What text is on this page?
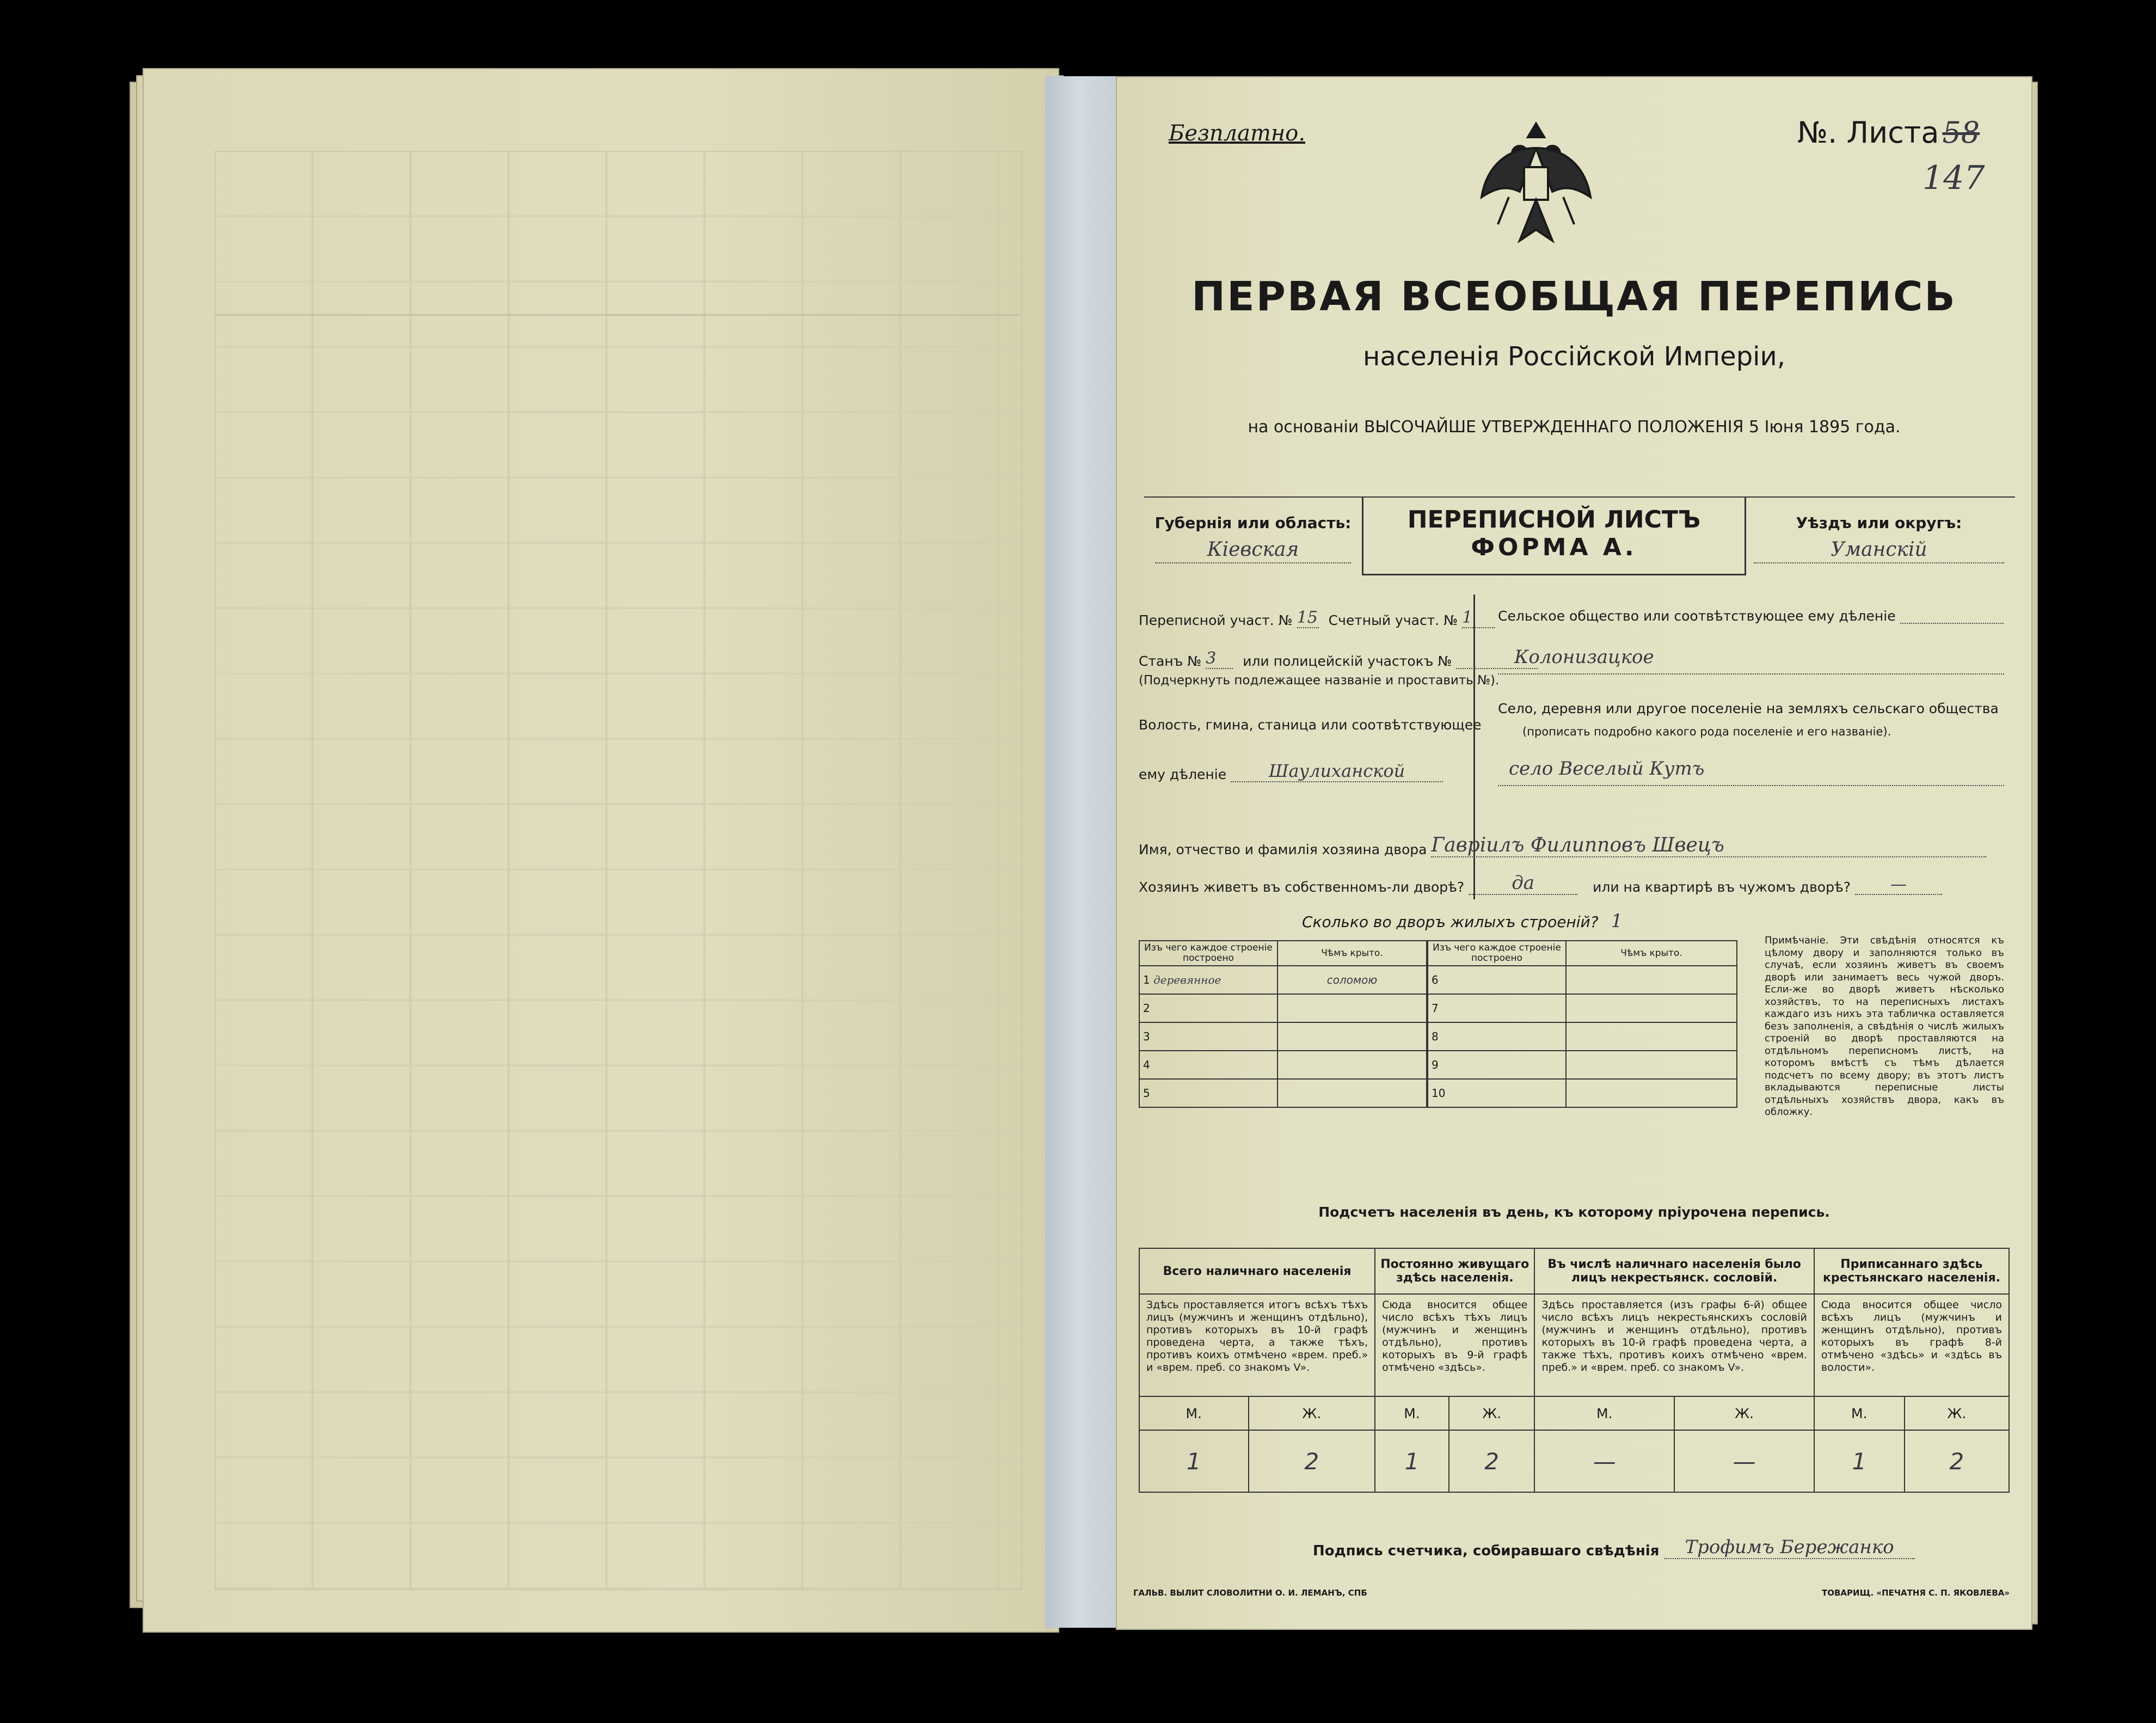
Безплатно.	№. Листа 58
147
ПЕРВАЯ ВСЕОБЩАЯ ПЕРЕПИСЬ
населенія Россійской Имперіи,
на основаніи ВЫСОЧАЙШЕ УТВЕРЖДЕННАГО ПОЛОЖЕНІЯ 5 Іюня 1895 года.
Губернія или область:
Кіевская
ПЕРЕПИСНОЙ ЛИСТЪ
ФОРМА А.
Уѣздъ или округъ:
Уманскій
Переписной участ. № 15 Счетный участ. № 1
Станъ № 3 или полицейскій участокъ №
(Подчеркнуть подлежащее названіе и проставить №).
Волость, гмина, станица или соотвѣтствующее
ему дѣленіе Шаулиханской
Сельское общество или соотвѣтствующее ему дѣленіе
Колонизацкое
Село, деревня или другое поселеніе на земляхъ сельскаго общества
(прописать подробно какого рода поселеніе и его названіе).
село Веселый Кутъ
Имя, отчество и фамилія хозяина двора Гавріилъ Филипповъ Швецъ
Хозяинъ живетъ въ собственномъ-ли дворѣ?	да	или на квартирѣ въ чужомъ дворѣ? —
Сколько во дворъ жилыхъ строеній? 1
Изъ чего каждое строеніе построено	Чѣмъ крыто.
1 деревянное	соломою
2	
3	
4	
5	
Изъ чего каждое строеніе построено	Чѣмъ крыто.
6	
7	
8	
9	
10	
Примѣчаніе. Эти свѣдѣнія относятся къ цѣлому двору и заполняются только въ случаѣ, если хозяинъ живетъ въ своемъ дворѣ или занимаетъ весь чужой дворъ. Если-же во дворѣ живетъ нѣсколько хозяйствъ, то на переписныхъ листахъ каждаго изъ нихъ эта табличка оставляется безъ заполненія, а свѣдѣнія о числѣ жилыхъ строеній во дворѣ проставляются на отдѣльномъ переписномъ листѣ, на которомъ вмѣстѣ съ тѣмъ дѣлается подсчетъ по всему двору; въ этотъ листъ вкладываются переписные листы отдѣльныхъ хозяйствъ двора, какъ въ обложку.
Подсчетъ населенія въ день, къ которому пріурочена перепись.
Всего наличнаго населенія		Постоянно живущаго здѣсь населенія.		Въ числѣ наличнаго населенія было лицъ некрестьянск. сословій.		Приписаннаго здѣсь крестьянскаго населенія.	
Здѣсь проставляется итогъ всѣхъ тѣхъ лицъ (мужчинъ и женщинъ отдѣльно), противъ которыхъ въ 10-й графѣ проведена черта, а также тѣхъ, противъ коихъ отмѣчено «врем. преб.» и «врем. преб. со знакомъ V».		Сюда вносится общее число всѣхъ тѣхъ лицъ (мужчинъ и женщинъ отдѣльно), противъ которыхъ въ 9-й графѣ отмѣчено «здѣсь».		Здѣсь проставляется (изъ графы 6-й) общее число всѣхъ лицъ некрестьянскихъ сословій (мужчинъ и женщинъ отдѣльно), противъ которыхъ въ 10-й графѣ проведена черта, а также тѣхъ, противъ коихъ отмѣчено «врем. преб.» и «врем. преб. со знакомъ V».		Сюда вносится общее число всѣхъ лицъ (мужчинъ и женщинъ отдѣльно), противъ которыхъ въ графѣ 8-й отмѣчено «здѣсь» и «здѣсь въ волости».	
М.	Ж.	М.	Ж.	М.	Ж.	М.	Ж.
1	2	1	2	—	—	1	2
Подпись счетчика, собиравшаго свѣдѣнія Трофимъ Бережанко
ГАЛЬВ. ВЫЛИТ СЛОВОЛИТНИ О. И. ЛЕМАНЪ, СПБ	ТОВАРИЩ. «ПЕЧАТНЯ С. П. ЯКОВЛЕВА»
